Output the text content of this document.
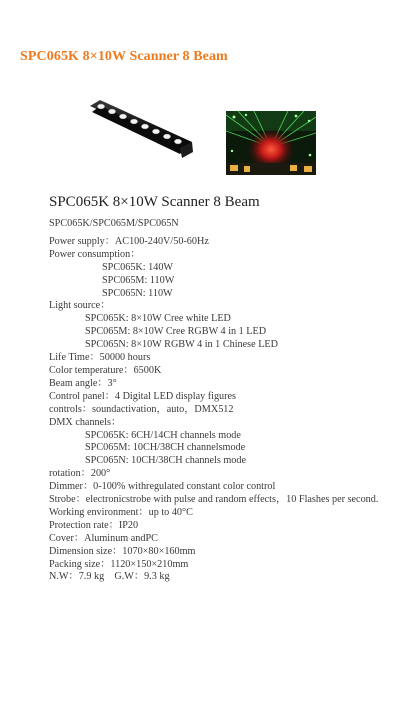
SPC065K 8×10W Scanner 8 Beam
SPC065K 8×10W Scanner 8 Beam
SPC065K/SPC065M/SPC065N
Power supply：AC100-240V/50-60Hz
Power consumption：
SPC065K: 140W
SPC065M: 110W
SPC065N: 110W
Light source：
SPC065K: 8×10W Cree white LED
SPC065M: 8×10W Cree RGBW 4 in 1 LED
SPC065N: 8×10W RGBW 4 in 1 Chinese LED
Life Time：50000 hours
Color temperature：6500K
Beam angle：3°
Control panel：4 Digital LED display figures
controls：soundactivation，auto，DMX512
DMX channels：
SPC065K: 6CH/14CH channels mode
SPC065M: 10CH/38CH channelsmode
SPC065N: 10CH/38CH channels mode
rotation：200°
Dimmer：0-100% withregulated constant color control
Strobe：electronicstrobe with pulse and random effects，10 Flashes per second.
Working environment：up to 40°C
Protection rate：IP20
Cover：Aluminum andPC
Dimension size：1070×80×160mm
Packing size：1120×150×210mm
N.W：7.9 kg    G.W：9.3 kg
